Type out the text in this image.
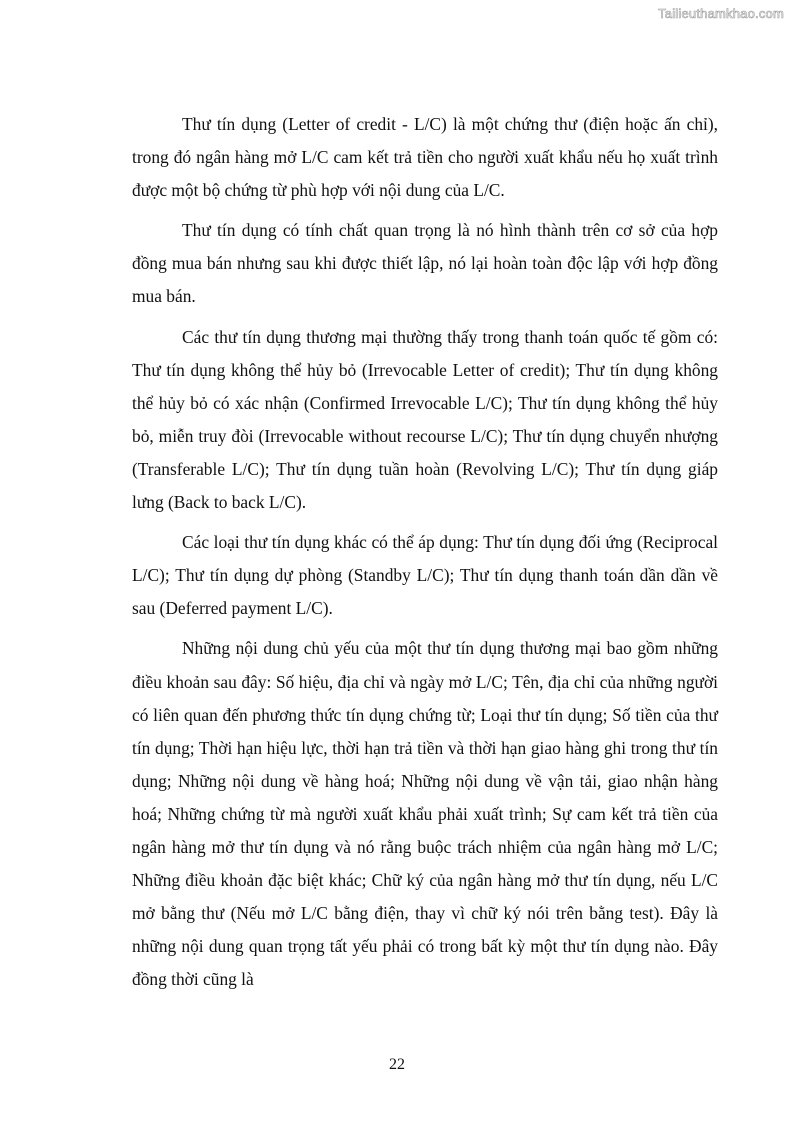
Tailieuthamkhao.com

Thư tín dụng (Letter of credit - L/C) là một chứng thư (điện hoặc ấn chỉ), trong đó ngân hàng mở L/C cam kết trả tiền cho người xuất khẩu nếu họ xuất trình được một bộ chứng từ phù hợp với nội dung của L/C.

Thư tín dụng có tính chất quan trọng là nó hình thành trên cơ sở của hợp đồng mua bán nhưng sau khi được thiết lập, nó lại hoàn toàn độc lập với hợp đồng mua bán.

Các thư tín dụng thương mại thường thấy trong thanh toán quốc tế gồm có: Thư tín dụng không thể hủy bỏ (Irrevocable Letter of credit); Thư tín dụng không thể hủy bỏ có xác nhận (Confirmed Irrevocable L/C); Thư tín dụng không thể hủy bỏ, miễn truy đòi (Irrevocable without recourse L/C); Thư tín dụng chuyển nhượng (Transferable L/C); Thư tín dụng tuần hoàn (Revolving L/C); Thư tín dụng giáp lưng (Back to back L/C).

Các loại thư tín dụng khác có thể áp dụng: Thư tín dụng đối ứng (Reciprocal L/C); Thư tín dụng dự phòng (Standby L/C); Thư tín dụng thanh toán dần dần về sau (Deferred payment L/C).

Những nội dung chủ yếu của một thư tín dụng thương mại bao gồm những điều khoản sau đây: Số hiệu, địa chỉ và ngày mở L/C; Tên, địa chỉ của những người có liên quan đến phương thức tín dụng chứng từ; Loại thư tín dụng; Số tiền của thư tín dụng; Thời hạn hiệu lực, thời hạn trả tiền và thời hạn giao hàng ghi trong thư tín dụng; Những nội dung về hàng hoá; Những nội dung về vận tải, giao nhận hàng hoá; Những chứng từ mà người xuất khẩu phải xuất trình; Sự cam kết trả tiền của ngân hàng mở thư tín dụng và nó rằng buộc trách nhiệm của ngân hàng mở L/C; Những điều khoản đặc biệt khác; Chữ ký của ngân hàng mở thư tín dụng, nếu L/C mở bằng thư (Nếu mở L/C bằng điện, thay vì chữ ký nói trên bằng test). Đây là những nội dung quan trọng tất yếu phải có trong bất kỳ một thư tín dụng nào. Đây đồng thời cũng là

22
